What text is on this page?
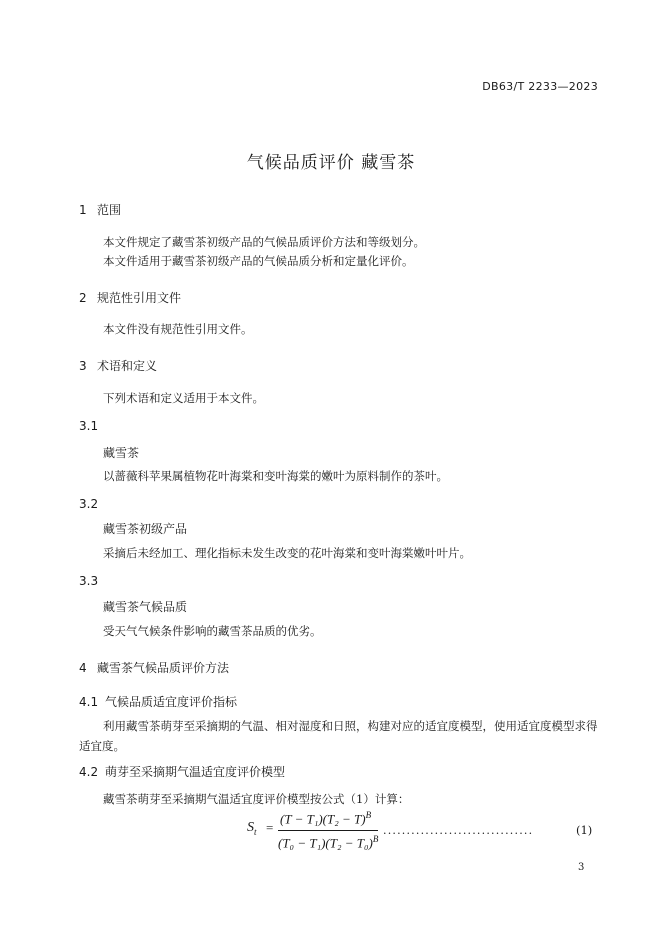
DB63/T 2233—2023
气候品质评价 藏雪茶
1 范围
本文件规定了藏雪茶初级产品的气候品质评价方法和等级划分。
本文件适用于藏雪茶初级产品的气候品质分析和定量化评价。
2 规范性引用文件
本文件没有规范性引用文件。
3 术语和定义
下列术语和定义适用于本文件。
3.1
藏雪茶
以蔷薇科苹果属植物花叶海棠和变叶海棠的嫩叶为原料制作的茶叶。
3.2
藏雪茶初级产品
采摘后未经加工、理化指标未发生改变的花叶海棠和变叶海棠嫩叶叶片。
3.3
藏雪茶气候品质
受天气气候条件影响的藏雪茶品质的优劣。
4 藏雪茶气候品质评价方法
4.1 气候品质适宜度评价指标
利用藏雪茶萌芽至采摘期的气温、相对湿度和日照，构建对应的适宜度模型，使用适宜度模型求得适宜度。
4.2 萌芽至采摘期气温适宜度评价模型
藏雪茶萌芽至采摘期气温适宜度评价模型按公式（1）计算：
$S_t$ =
$(T - T_1)(T_2 - T)^B$
$(T_0 - T_1)(T_2 - T_0)^B$
................................	(1)
3
